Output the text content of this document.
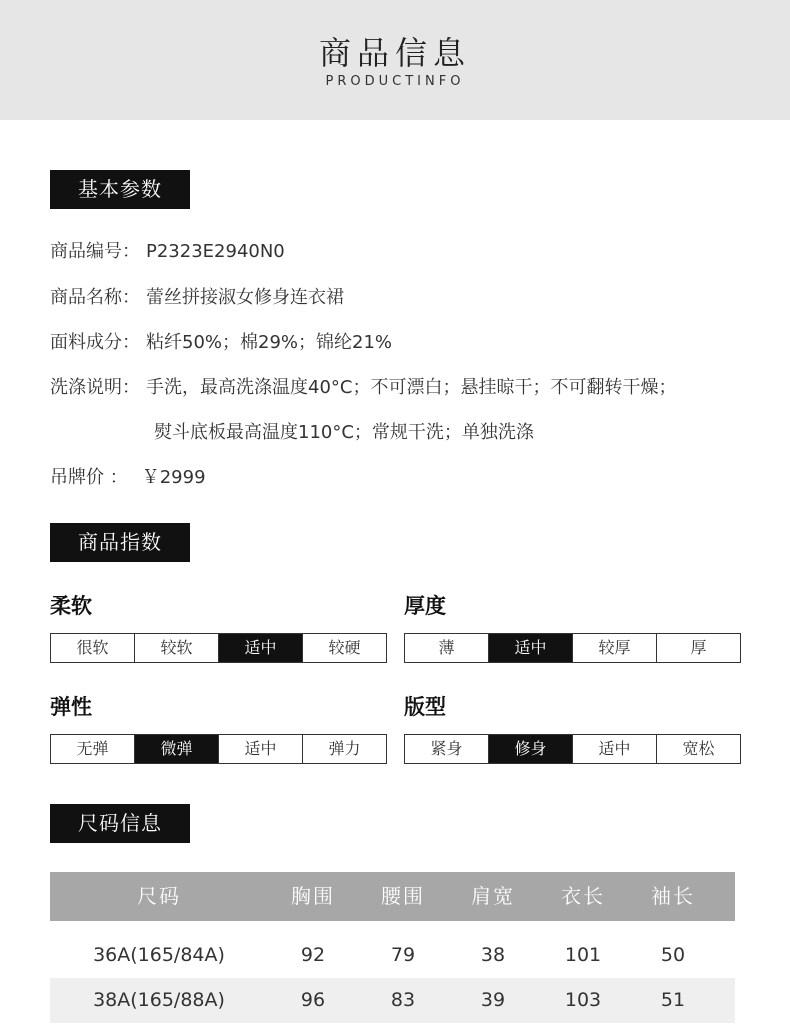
商品信息
PRODUCTINFO
基本参数
商品编号： P2323E2940N0
商品名称： 蕾丝拼接淑女修身连衣裙
面料成分： 粘纤50%；棉29%；锦纶21%
洗涤说明： 手洗，最高洗涤温度40°C；不可漂白；悬挂晾干；不可翻转干燥；
熨斗底板最高温度110°C；常规干洗；单独洗涤
吊牌价 ： ￥2999
商品指数
柔软
很软	较软	适中	较硬
厚度
薄	适中	较厚	厚
弹性
无弹	微弹	适中	弹力
版型
紧身	修身	适中	宽松
尺码信息
尺码	胸围	腰围	肩宽	衣长	袖长
36A(165/84A)	92	79	38	101	50
38A(165/88A)	96	83	39	103	51
